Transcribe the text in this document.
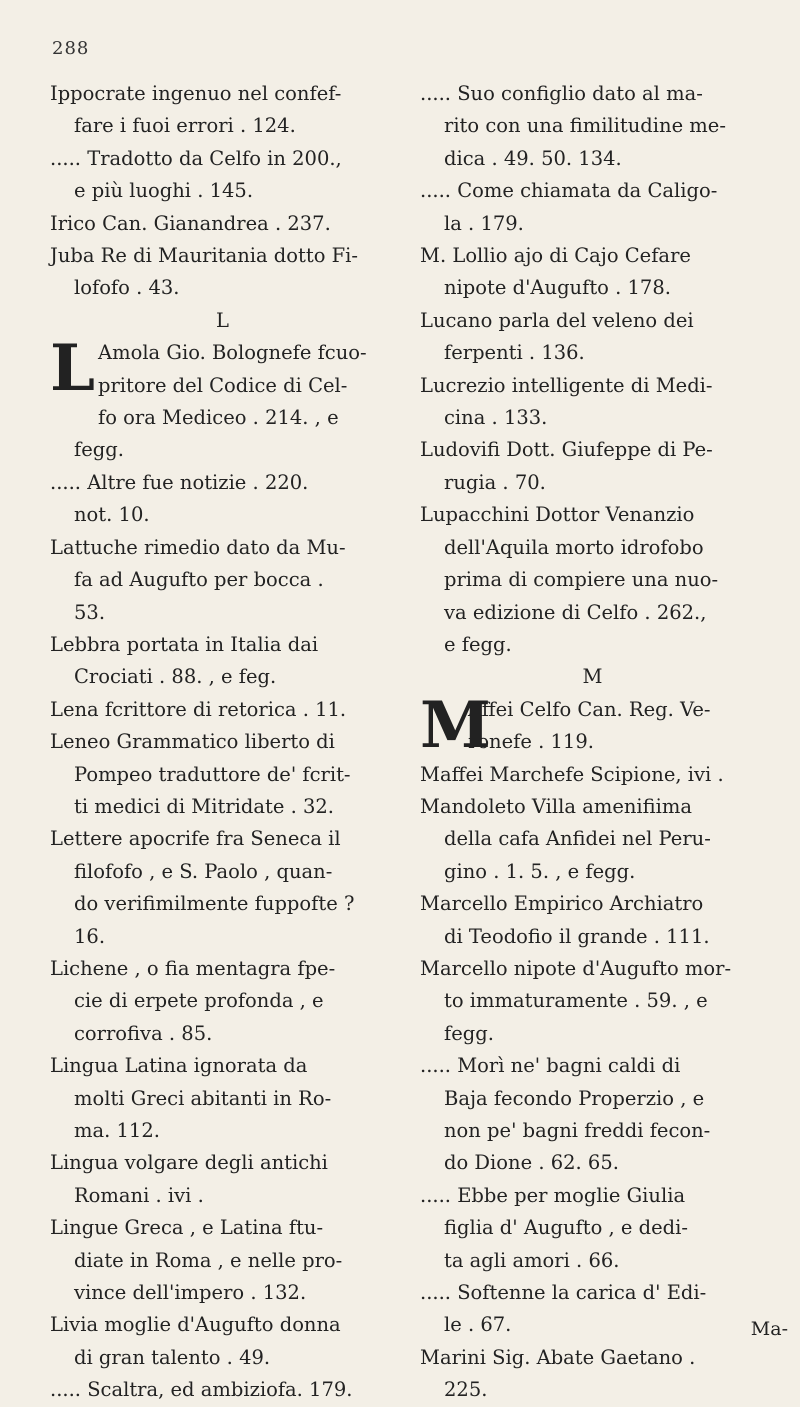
288
Ippocrate ingenuo nel confef-
fare i fuoi errori . 124.
..... Tradotto da Celfo in 200.,
e più luoghi . 145.
Irico Can. Gianandrea . 237.
Juba Re di Mauritania dotto Fi-
lofofo . 43.
L
L Amola Gio. Bolognefe fcuo-
pritore del Codice di Cel-
fo ora Mediceo . 214. , e
fegg.
..... Altre fue notizie . 220.
not. 10.
Lattuche rimedio dato da Mu-
fa ad Augufto per bocca .
53.
Lebbra portata in Italia dai
Crociati . 88. , e feg.
Lena fcrittore di retorica . 11.
Leneo Grammatico liberto di
Pompeo traduttore de' fcrit-
ti medici di Mitridate . 32.
Lettere apocrife fra Seneca il
filofofo , e S. Paolo , quan-
do verifimilmente fuppofte ?
16.
Lichene , o fia mentagra fpe-
cie di erpete profonda , e
corrofiva . 85.
Lingua Latina ignorata da
molti Greci abitanti in Ro-
ma. 112.
Lingua volgare degli antichi
Romani . ivi .
Lingue Greca , e Latina ftu-
diate in Roma , e nelle pro-
vince dell'impero . 132.
Livia moglie d'Augufto donna
di gran talento . 49.
..... Scaltra, ed ambiziofa. 179.
..... Suo configlio dato al ma-
rito con una fimilitudine me-
dica . 49. 50. 134.
..... Come chiamata da Caligo-
la . 179.
M. Lollio ajo di Cajo Cefare
nipote d'Augufto . 178.
Lucano parla del veleno dei
ferpenti . 136.
Lucrezio intelligente di Medi-
cina . 133.
Ludovifi Dott. Giufeppe di Pe-
rugia . 70.
Lupacchini Dottor Venanzio
dell'Aquila morto idrofobo
prima di compiere una nuo-
va edizione di Celfo . 262.,
e fegg.
M
M
Affei Celfo Can. Reg. Ve-
ronefe . 119.
Maffei Marchefe Scipione, ivi .
Mandoleto Villa amenifiima
della cafa Anfidei nel Peru-
gino . 1. 5. , e fegg.
Marcello Empirico Archiatro
di Teodofio il grande . 111.
Marcello nipote d'Augufto mor-
to immaturamente . 59. , e
fegg.
..... Morì ne' bagni caldi di
Baja fecondo Properzio , e
non pe' bagni freddi fecon-
do Dione . 62. 65.
..... Ebbe per moglie Giulia
figlia d' Augufto , e dedi-
ta agli amori . 66.
..... Softenne la carica d' Edi-
le . 67.
Marini Sig. Abate Gaetano .
225.
Ma-
